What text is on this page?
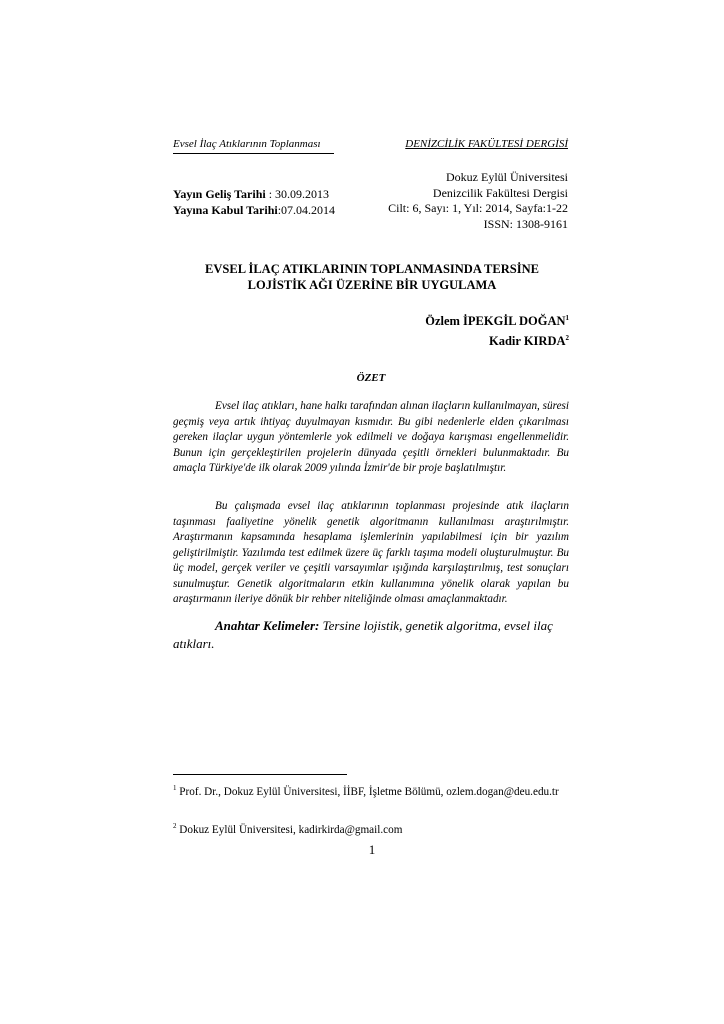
Evsel İlaç Atıklarının Toplanması	DENİZCİLİK FAKÜLTESİ DERGİSİ
Yayın Geliş Tarihi : 30.09.2013
Yayına Kabul Tarihi:07.04.2014
Dokuz Eylül Üniversitesi
Denizcilik Fakültesi Dergisi
Cilt: 6, Sayı: 1, Yıl: 2014, Sayfa:1-22
ISSN: 1308-9161
EVSEL İLAÇ ATIKLARININ TOPLANMASINDA TERSİNE
LOJİSTİK AĞI ÜZERİNE BİR UYGULAMA
Özlem İPEKGİL DOĞAN$^1$
Kadir KIRDA$^2$
ÖZET
Evsel ilaç atıkları, hane halkı tarafından alınan ilaçların kullanılmayan, süresi geçmiş veya artık ihtiyaç duyulmayan kısmıdır. Bu gibi nedenlerle elden çıkarılması gereken ilaçlar uygun yöntemlerle yok edilmeli ve doğaya karışması engellenmelidir. Bunun için gerçekleştirilen projelerin dünyada çeşitli örnekleri bulunmaktadır. Bu amaçla Türkiye'de ilk olarak 2009 yılında İzmir'de bir proje başlatılmıştır.
Bu çalışmada evsel ilaç atıklarının toplanması projesinde atık ilaçların taşınması faaliyetine yönelik genetik algoritmanın kullanılması araştırılmıştır. Araştırmanın kapsamında hesaplama işlemlerinin yapılabilmesi için bir yazılım geliştirilmiştir. Yazılımda test edilmek üzere üç farklı taşıma modeli oluşturulmuştur. Bu üç model, gerçek veriler ve çeşitli varsayımlar ışığında karşılaştırılmış, test sonuçları sunulmuştur. Genetik algoritmaların etkin kullanımına yönelik olarak yapılan bu araştırmanın ileriye dönük bir rehber niteliğinde olması amaçlanmaktadır.
Anahtar Kelimeler: Tersine lojistik, genetik algoritma, evsel ilaç atıkları.
$^1$ Prof. Dr., Dokuz Eylül Üniversitesi, İİBF, İşletme Bölümü, ozlem.dogan@deu.edu.tr
$^2$ Dokuz Eylül Üniversitesi, kadirkirda@gmail.com
1
